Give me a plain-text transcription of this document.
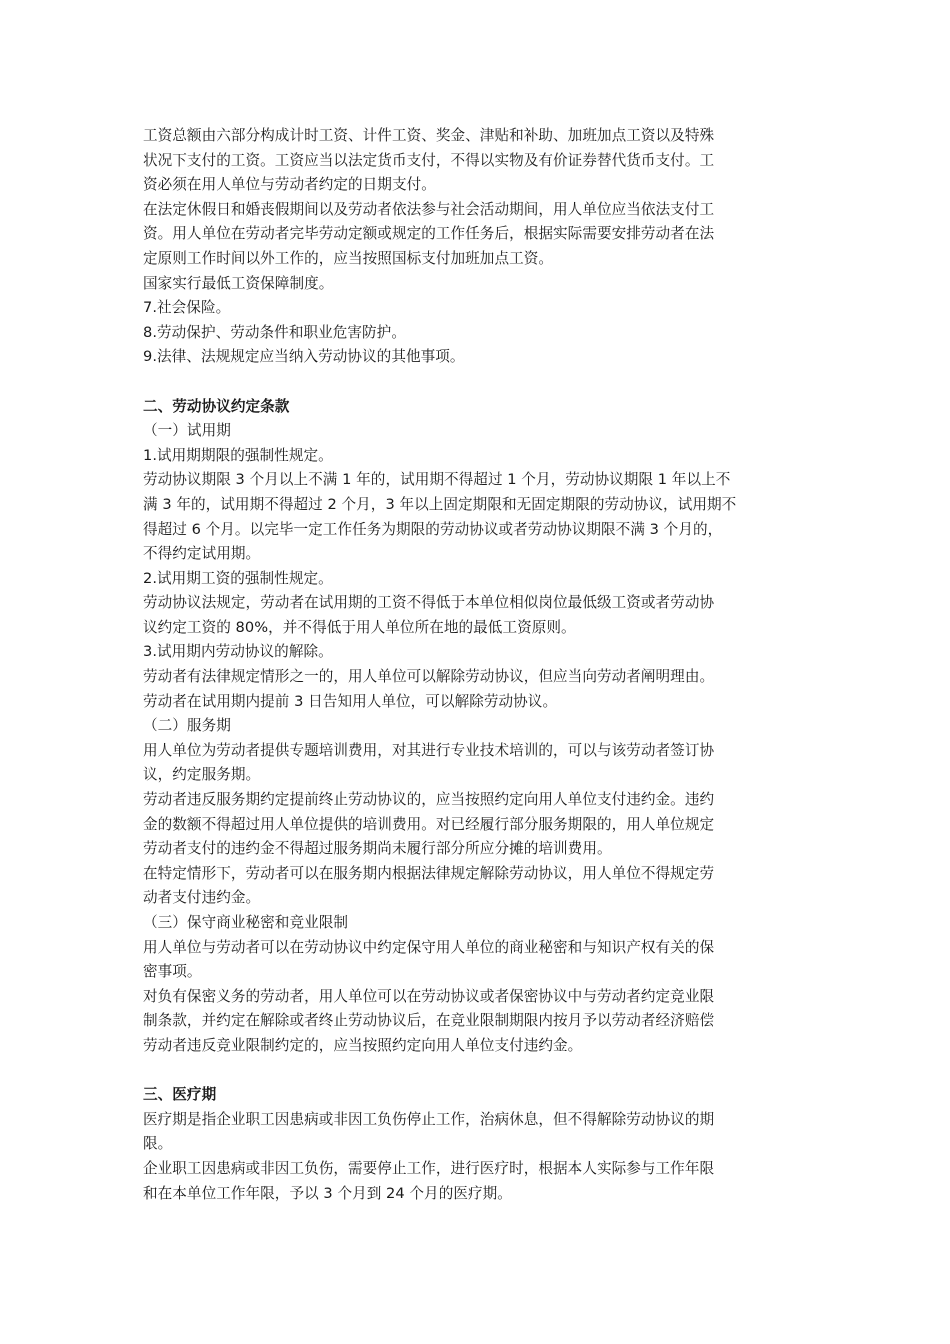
工资总额由六部分构成计时工资、计件工资、奖金、津贴和补助、加班加点工资以及特殊
状况下支付的工资。工资应当以法定货币支付，不得以实物及有价证券替代货币支付。工
资必须在用人单位与劳动者约定的日期支付。
在法定休假日和婚丧假期间以及劳动者依法参与社会活动期间，用人单位应当依法支付工
资。用人单位在劳动者完毕劳动定额或规定的工作任务后，根据实际需要安排劳动者在法
定原则工作时间以外工作的，应当按照国标支付加班加点工资。
国家实行最低工资保障制度。
7.社会保险。
8.劳动保护、劳动条件和职业危害防护。
9.法律、法规规定应当纳入劳动协议的其他事项。
二、劳动协议约定条款
（一）试用期
1.试用期期限的强制性规定。
劳动协议期限 3 个月以上不满 1 年的，试用期不得超过 1 个月，劳动协议期限 1 年以上不
满 3 年的，试用期不得超过 2 个月，3 年以上固定期限和无固定期限的劳动协议，试用期不
得超过 6 个月。以完毕一定工作任务为期限的劳动协议或者劳动协议期限不满 3 个月的，
不得约定试用期。
2.试用期工资的强制性规定。
劳动协议法规定，劳动者在试用期的工资不得低于本单位相似岗位最低级工资或者劳动协
议约定工资的 80%，并不得低于用人单位所在地的最低工资原则。
3.试用期内劳动协议的解除。
劳动者有法律规定情形之一的，用人单位可以解除劳动协议，但应当向劳动者阐明理由。
劳动者在试用期内提前 3 日告知用人单位，可以解除劳动协议。
（二）服务期
用人单位为劳动者提供专题培训费用，对其进行专业技术培训的，可以与该劳动者签订协
议，约定服务期。
劳动者违反服务期约定提前终止劳动协议的，应当按照约定向用人单位支付违约金。违约
金的数额不得超过用人单位提供的培训费用。对已经履行部分服务期限的，用人单位规定
劳动者支付的违约金不得超过服务期尚未履行部分所应分摊的培训费用。
在特定情形下，劳动者可以在服务期内根据法律规定解除劳动协议，用人单位不得规定劳
动者支付违约金。
（三）保守商业秘密和竞业限制
用人单位与劳动者可以在劳动协议中约定保守用人单位的商业秘密和与知识产权有关的保
密事项。
对负有保密义务的劳动者，用人单位可以在劳动协议或者保密协议中与劳动者约定竞业限
制条款，并约定在解除或者终止劳动协议后，在竞业限制期限内按月予以劳动者经济赔偿
劳动者违反竞业限制约定的，应当按照约定向用人单位支付违约金。
三、医疗期
医疗期是指企业职工因患病或非因工负伤停止工作，治病休息，但不得解除劳动协议的期
限。
企业职工因患病或非因工负伤，需要停止工作，进行医疗时，根据本人实际参与工作年限
和在本单位工作年限，予以 3 个月到 24 个月的医疗期。
